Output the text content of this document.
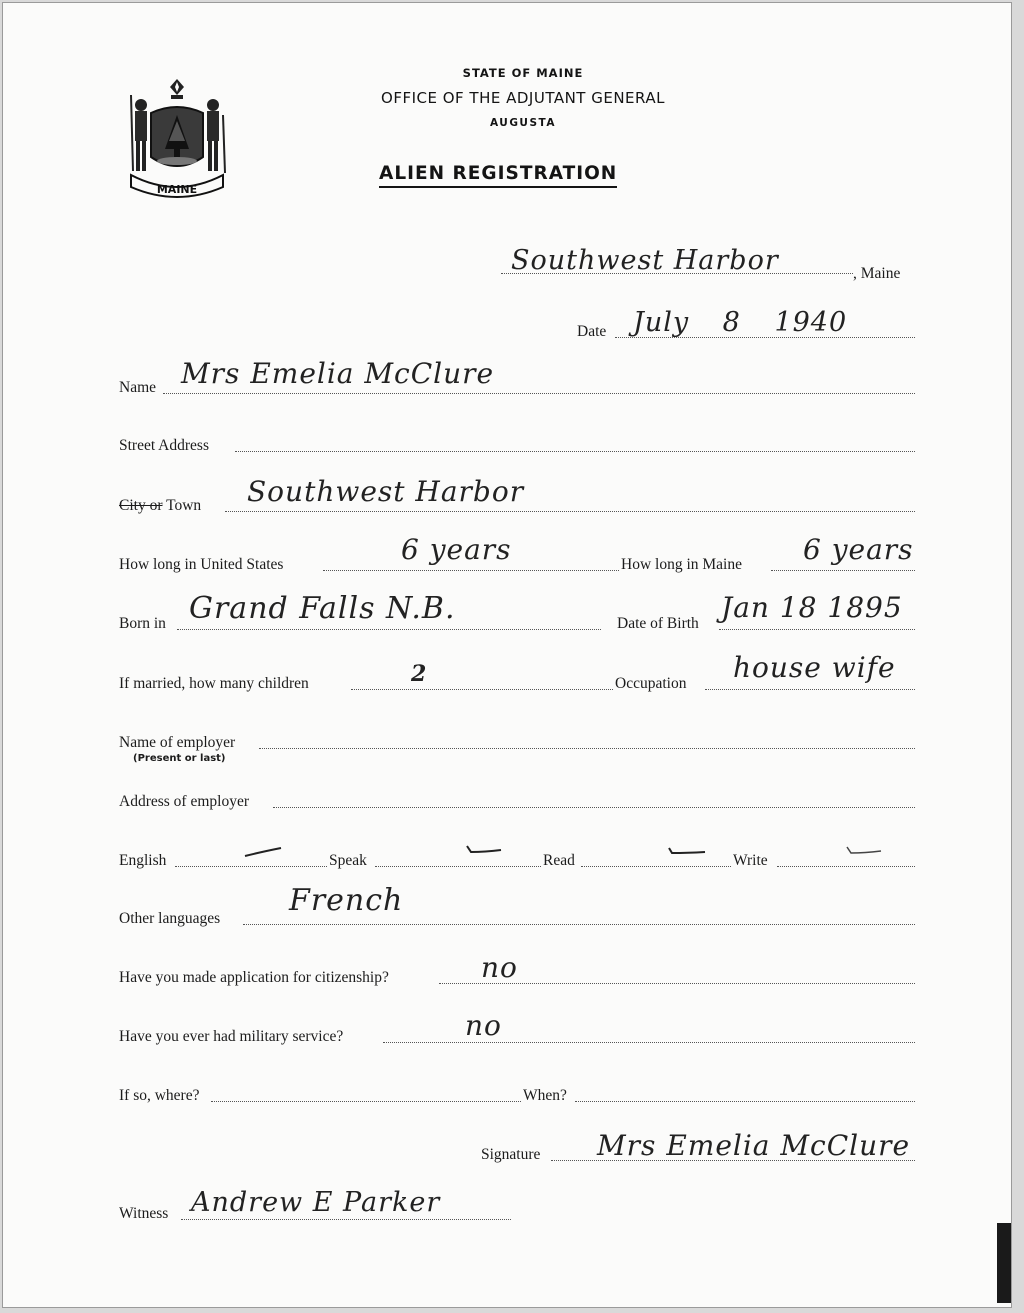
MAINE
STATE OF MAINE
OFFICE OF THE ADJUTANT GENERAL
AUGUSTA
ALIEN REGISTRATION
Southwest Harbor	, Maine
Date July 8 1940
Name Mrs Emelia McClure
Street Address
City or Town Southwest Harbor
How long in United States	6 years	How long in Maine 6 years
Born in Grand Falls N.B.	Date of Birth Jan 18 1895
If married, how many children	2	Occupation house wife
Name of employer
(Present or last)
Address of employer
English	Speak	Read	Write
Other languages
French
Have you made application for citizenship?	no
Have you ever had military service?	no
If so, where?	When?
Signature Mrs Emelia McClure
Witness Andrew E Parker
